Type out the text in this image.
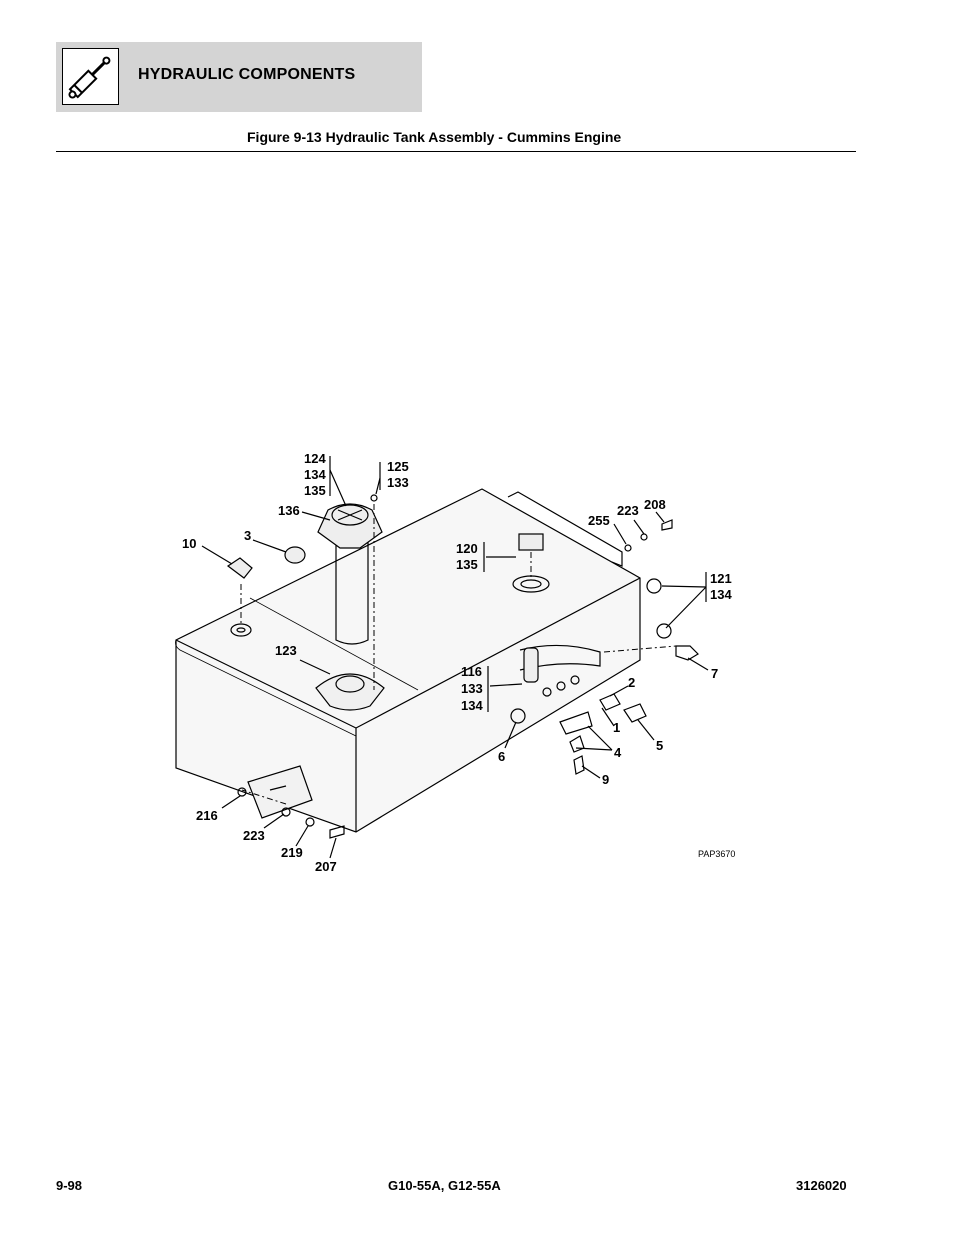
HYDRAULIC COMPONENTS
Figure 9-13 Hydraulic Tank Assembly - Cummins Engine
124
134
135
125
133
136
3
10	120
135
255
223 208
121
134
123
116
133
134
7
2
1
4	5
6
9
216
223
219
207
PAP3670
9-98	G10-55A, G12-55A	3126020
